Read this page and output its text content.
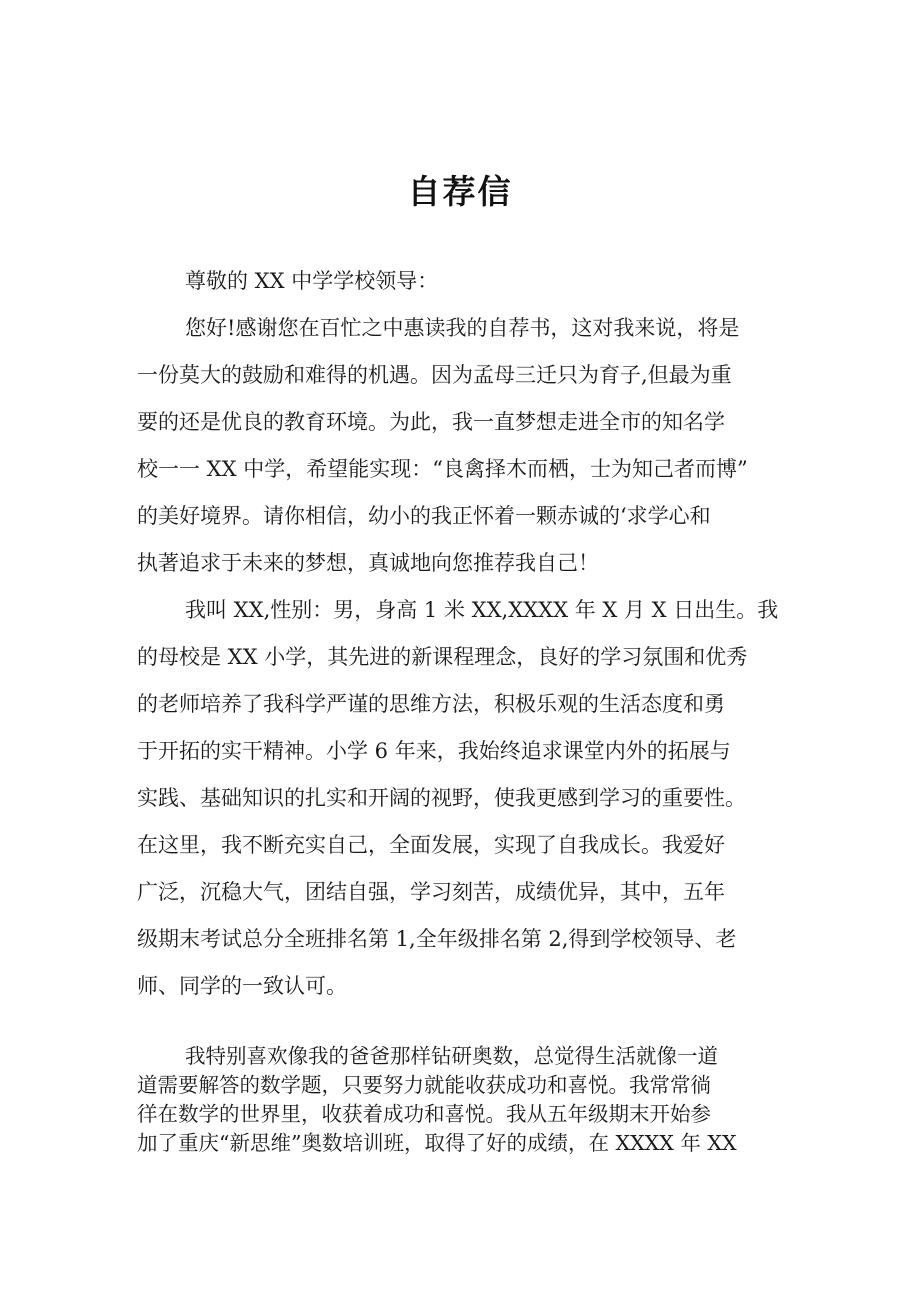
自荐信
尊敬的 XX 中学学校领导：
您好!感谢您在百忙之中惠读我的自荐书，这对我来说，将是
一份莫大的鼓励和难得的机遇。因为孟母三迁只为育子,但最为重
要的还是优良的教育环境。为此，我一直梦想走进全市的知名学
校一一 XX 中学，希望能实现：“良禽择木而栖，士为知己者而博”
的美好境界。请你相信，幼小的我正怀着一颗赤诚的‘求学心和
执著追求于未来的梦想，真诚地向您推荐我自己！
我叫 XX,性别：男，身高 1 米 XX,XXXX 年 X 月 X 日出生。我
的母校是 XX 小学，其先进的新课程理念，良好的学习氛围和优秀
的老师培养了我科学严谨的思维方法，积极乐观的生活态度和勇
于开拓的实干精神。小学 6 年来，我始终追求课堂内外的拓展与
实践、基础知识的扎实和开阔的视野，使我更感到学习的重要性。
在这里，我不断充实自己，全面发展，实现了自我成长。我爱好
广泛，沉稳大气，团结自强，学习刻苦，成绩优异，其中，五年
级期末考试总分全班排名第 1,全年级排名第 2,得到学校领导、老
师、同学的一致认可。
我特别喜欢像我的爸爸那样钻研奥数，总觉得生活就像一道
道需要解答的数学题，只要努力就能收获成功和喜悦。我常常徜
徉在数学的世界里，收获着成功和喜悦。我从五年级期末开始参
加了重庆“新思维”奥数培训班，取得了好的成绩，在 XXXX 年 XX
